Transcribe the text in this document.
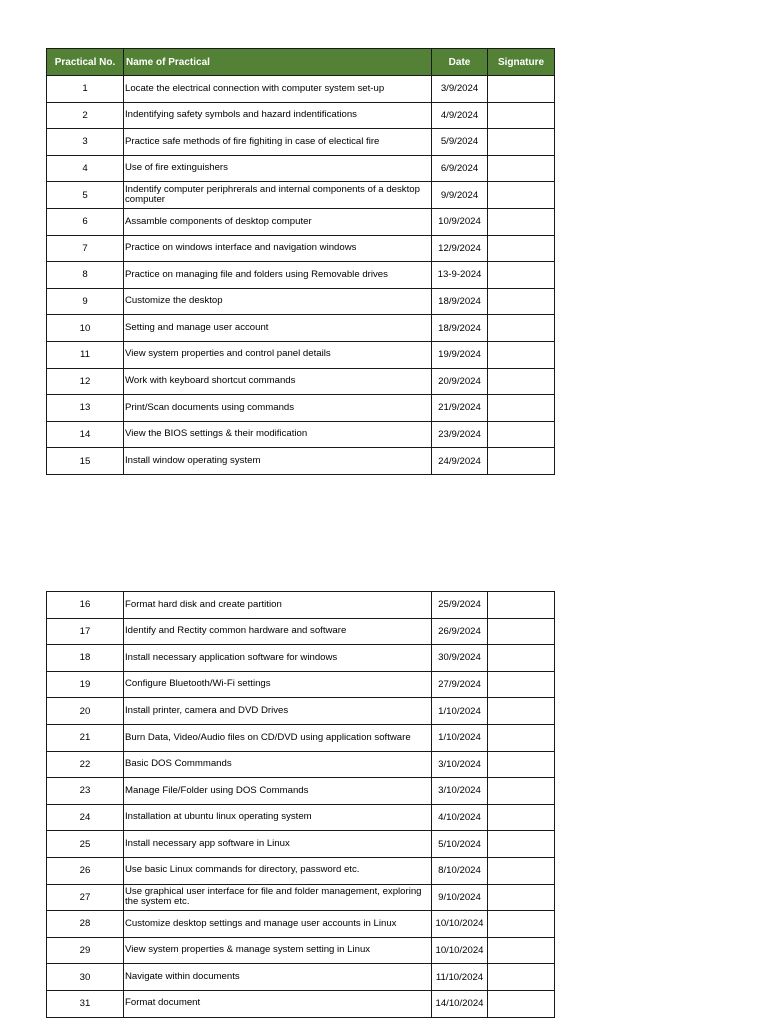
Practical No.	Name of Practical	Date	Signature
1	Locate the electrical connection with computer system set-up	3/9/2024	
2	Indentifying safety symbols and hazard indentifications	4/9/2024	
3	Practice safe methods of fire fighiting in case of electical fire	5/9/2024	
4	Use of fire extinguishers	6/9/2024	
5	Indentify computer periphrerals and internal components of a desktop computer	9/9/2024	
6	Assamble components of desktop computer	10/9/2024	
7	Practice on windows interface and navigation windows	12/9/2024	
8	Practice on managing file and folders using Removable drives	13-9-2024	
9	Customize the desktop	18/9/2024	
10	Setting and manage user account	18/9/2024	
11	View system properties and control panel details	19/9/2024	
12	Work with keyboard shortcut commands	20/9/2024	
13	Print/Scan documents using commands	21/9/2024	
14	View the BIOS settings & their modification	23/9/2024	
15	Install window operating system	24/9/2024	
16	Format hard disk and create partition	25/9/2024	
17	Identify and Rectity common hardware and software	26/9/2024	
18	Install necessary application software for windows	30/9/2024	
19	Configure Bluetooth/Wi-Fi settings	27/9/2024	
20	Install printer, camera and DVD Drives	1/10/2024	
21	Burn Data, Video/Audio files on CD/DVD using application software	1/10/2024	
22	Basic DOS Commmands	3/10/2024	
23	Manage File/Folder using DOS Commands	3/10/2024	
24	Installation at ubuntu linux operating system	4/10/2024	
25	Install necessary app software in Linux	5/10/2024	
26	Use basic Linux commands for directory, password etc.	8/10/2024	
27	Use graphical user interface for file and folder management, exploring the system etc.	9/10/2024	
28	Customize desktop settings and manage user accounts in Linux	10/10/2024	
29	View system properties & manage system setting in Linux	10/10/2024	
30	Navigate within documents	11/10/2024	
31	Format document	14/10/2024	
